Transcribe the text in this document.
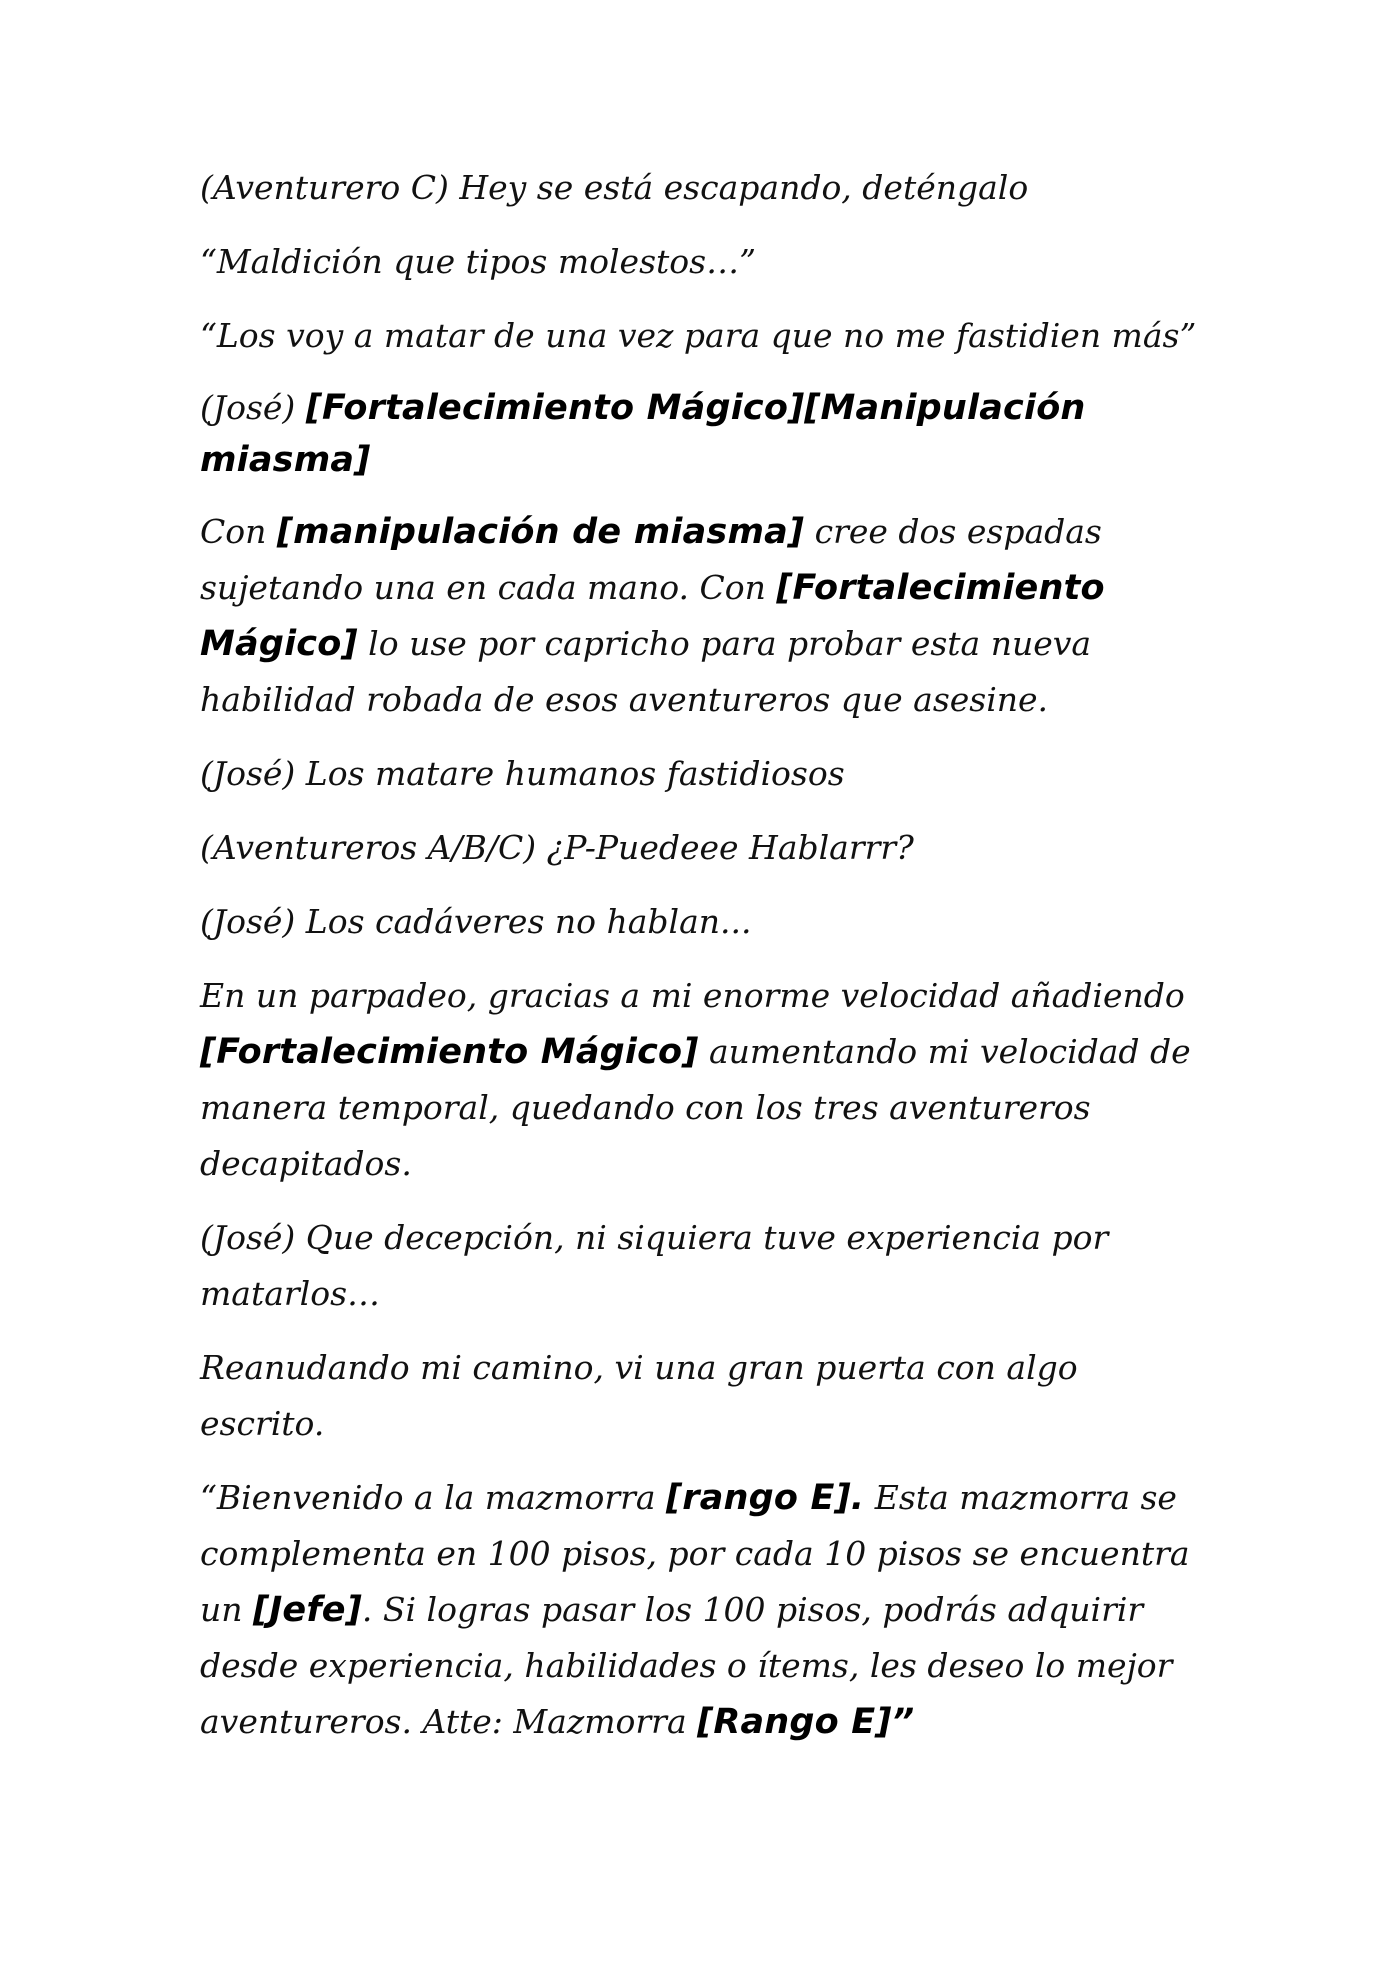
(Aventurero C) Hey se está escapando, deténgalo

“Maldición que tipos molestos…”

“Los voy a matar de una vez para que no me fastidien más”

(José) [Fortalecimiento Mágico][Manipulación miasma]

Con [manipulación de miasma] cree dos espadas sujetando una en cada mano. Con [Fortalecimiento Mágico] lo use por capricho para probar esta nueva habilidad robada de esos aventureros que asesine.

(José) Los matare humanos fastidiosos

(Aventureros A/B/C) ¿P-Puedeee Hablarrr?

(José) Los cadáveres no hablan...

En un parpadeo, gracias a mi enorme velocidad añadiendo [Fortalecimiento Mágico] aumentando mi velocidad de manera temporal, quedando con los tres aventureros decapitados.

(José) Que decepción, ni siquiera tuve experiencia por matarlos…

Reanudando mi camino, vi una gran puerta con algo escrito.

“Bienvenido a la mazmorra [rango E]. Esta mazmorra se complementa en 100 pisos, por cada 10 pisos se encuentra un [Jefe]. Si logras pasar los 100 pisos, podrás adquirir desde experiencia, habilidades o ítems, les deseo lo mejor aventureros. Atte: Mazmorra [Rango E]”
